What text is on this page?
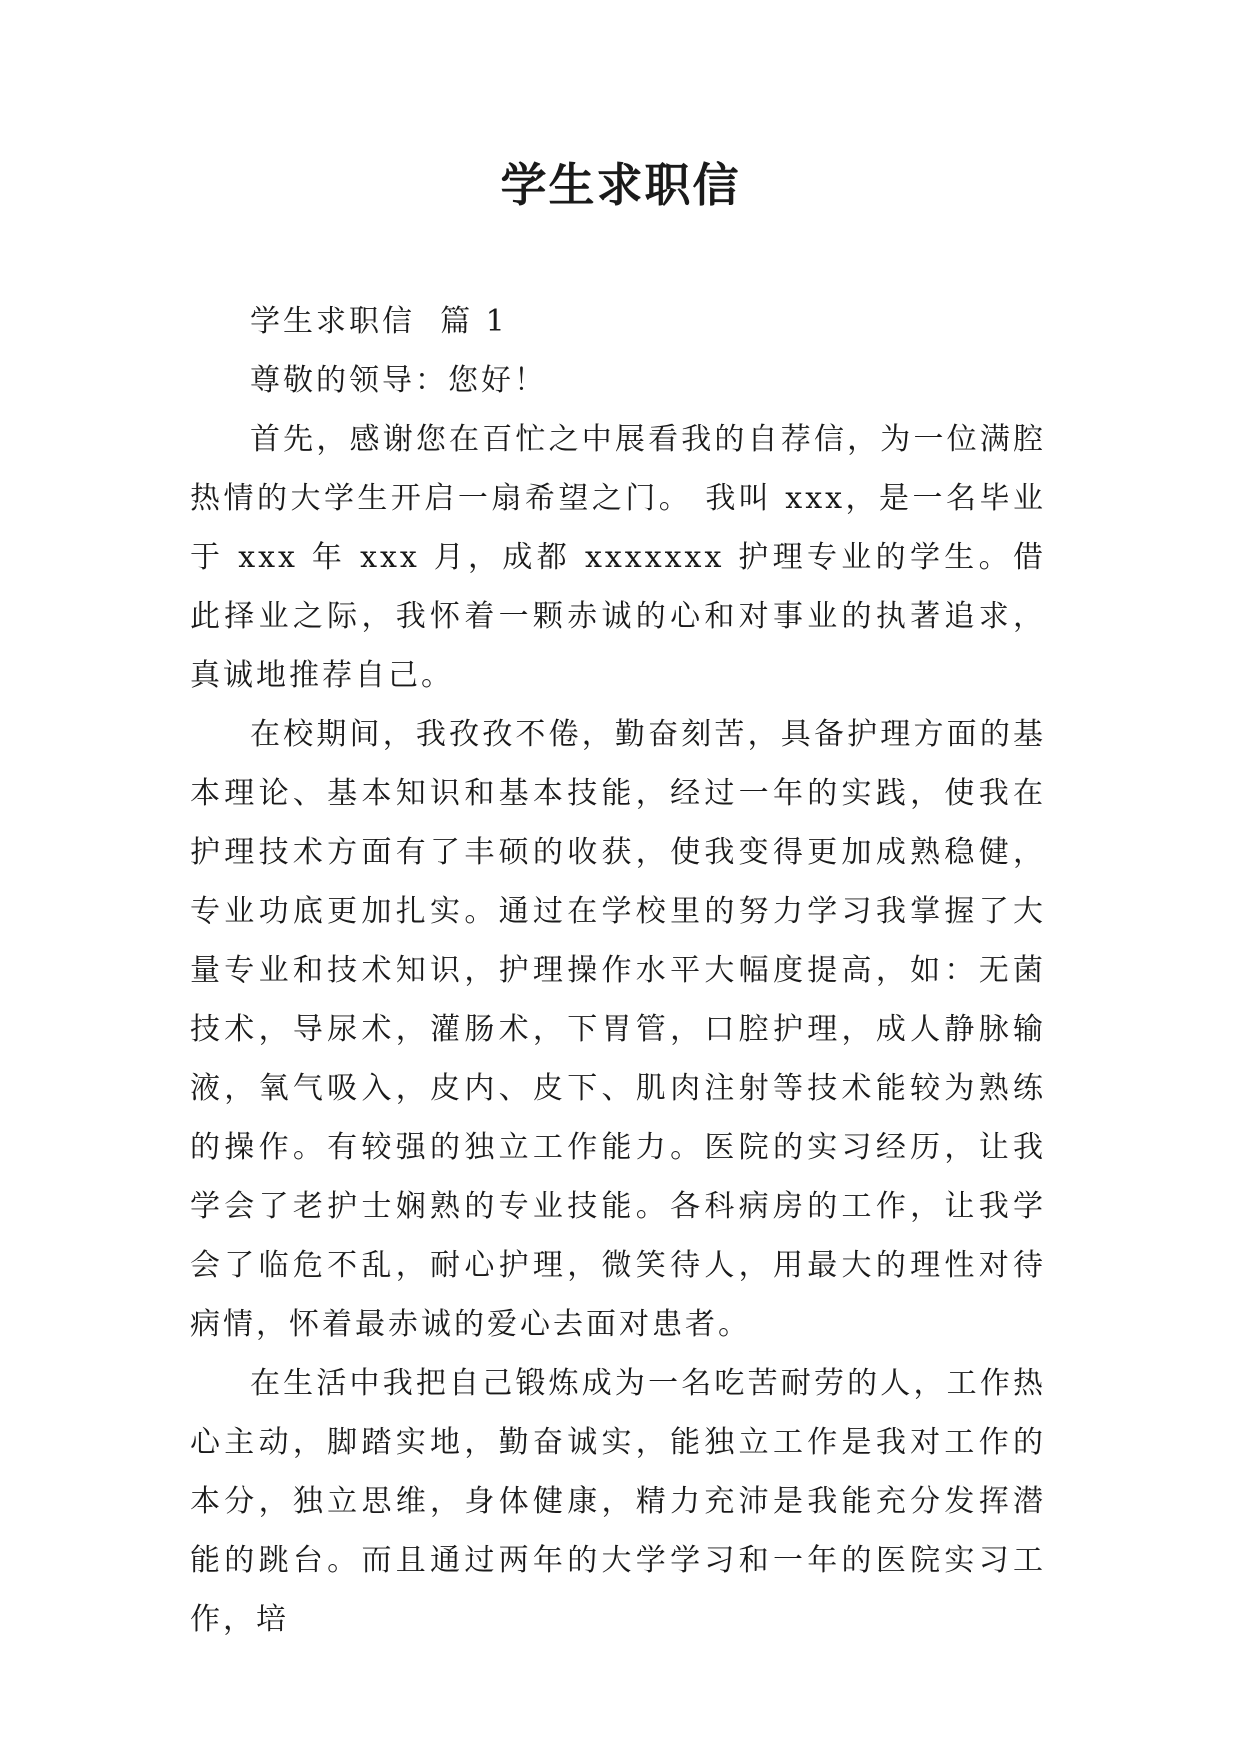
学生求职信

学生求职信  篇 1

尊敬的领导：您好！

首先，感谢您在百忙之中展看我的自荐信，为一位满腔热情的大学生开启一扇希望之门。 我叫 xxx，是一名毕业于 xxx 年 xxx 月，成都 xxxxxxx 护理专业的学生。借此择业之际，我怀着一颗赤诚的心和对事业的执著追求，真诚地推荐自己。

在校期间，我孜孜不倦，勤奋刻苦，具备护理方面的基本理论、基本知识和基本技能，经过一年的实践，使我在护理技术方面有了丰硕的收获，使我变得更加成熟稳健，专业功底更加扎实。通过在学校里的努力学习我掌握了大量专业和技术知识，护理操作水平大幅度提高，如：无菌技术，导尿术，灌肠术，下胃管，口腔护理，成人静脉输液，氧气吸入，皮内、皮下、肌肉注射等技术能较为熟练的操作。有较强的独立工作能力。医院的实习经历，让我学会了老护士娴熟的专业技能。各科病房的工作，让我学会了临危不乱，耐心护理，微笑待人，用最大的理性对待病情，怀着最赤诚的爱心去面对患者。

在生活中我把自己锻炼成为一名吃苦耐劳的人，工作热心主动，脚踏实地，勤奋诚实，能独立工作是我对工作的本分，独立思维，身体健康，精力充沛是我能充分发挥潜能的跳台。而且通过两年的大学学习和一年的医院实习工作，培
